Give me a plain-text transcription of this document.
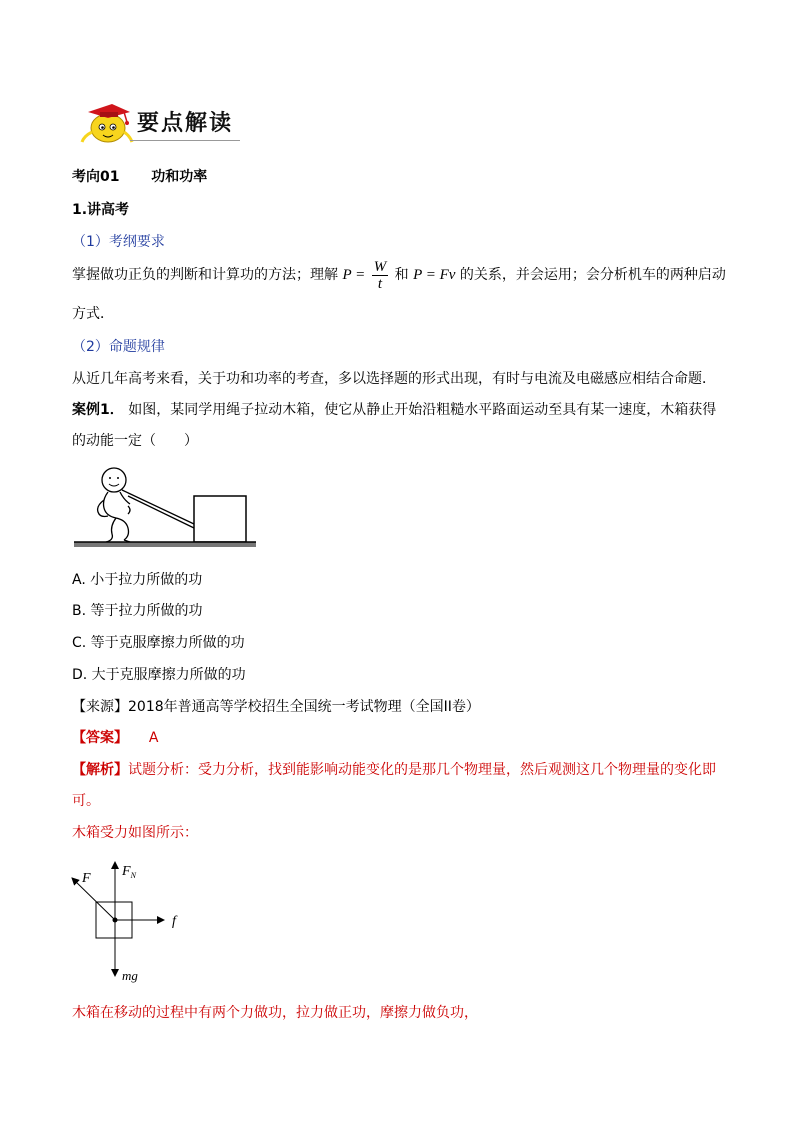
要点解读
考向01 功和功率
1.讲高考
（1）考纲要求
掌握做功正负的判断和计算功的方法；理解 $P = \frac{W}{t}$ 和 P = Fv 的关系，并会运用；会分析机车的两种启动
方式．
（2）命题规律
从近几年高考来看，关于功和功率的考查，多以选择题的形式出现，有时与电流及电磁感应相结合命题．
案例1． 如图，某同学用绳子拉动木箱，使它从静止开始沿粗糙水平路面运动至具有某一速度，木箱获得
的动能一定（　　）
A. 小于拉力所做的功
B. 等于拉力所做的功
C. 等于克服摩擦力所做的功
D. 大于克服摩擦力所做的功
【来源】2018年普通高等学校招生全国统一考试物理（全国II卷）
【答案】 A
【解析】试题分析：受力分析，找到能影响动能变化的是那几个物理量，然后观测这几个物理量的变化即
可。
木箱受力如图所示：
F $F_N$
f
mg
木箱在移动的过程中有两个力做功，拉力做正功，摩擦力做负功，
